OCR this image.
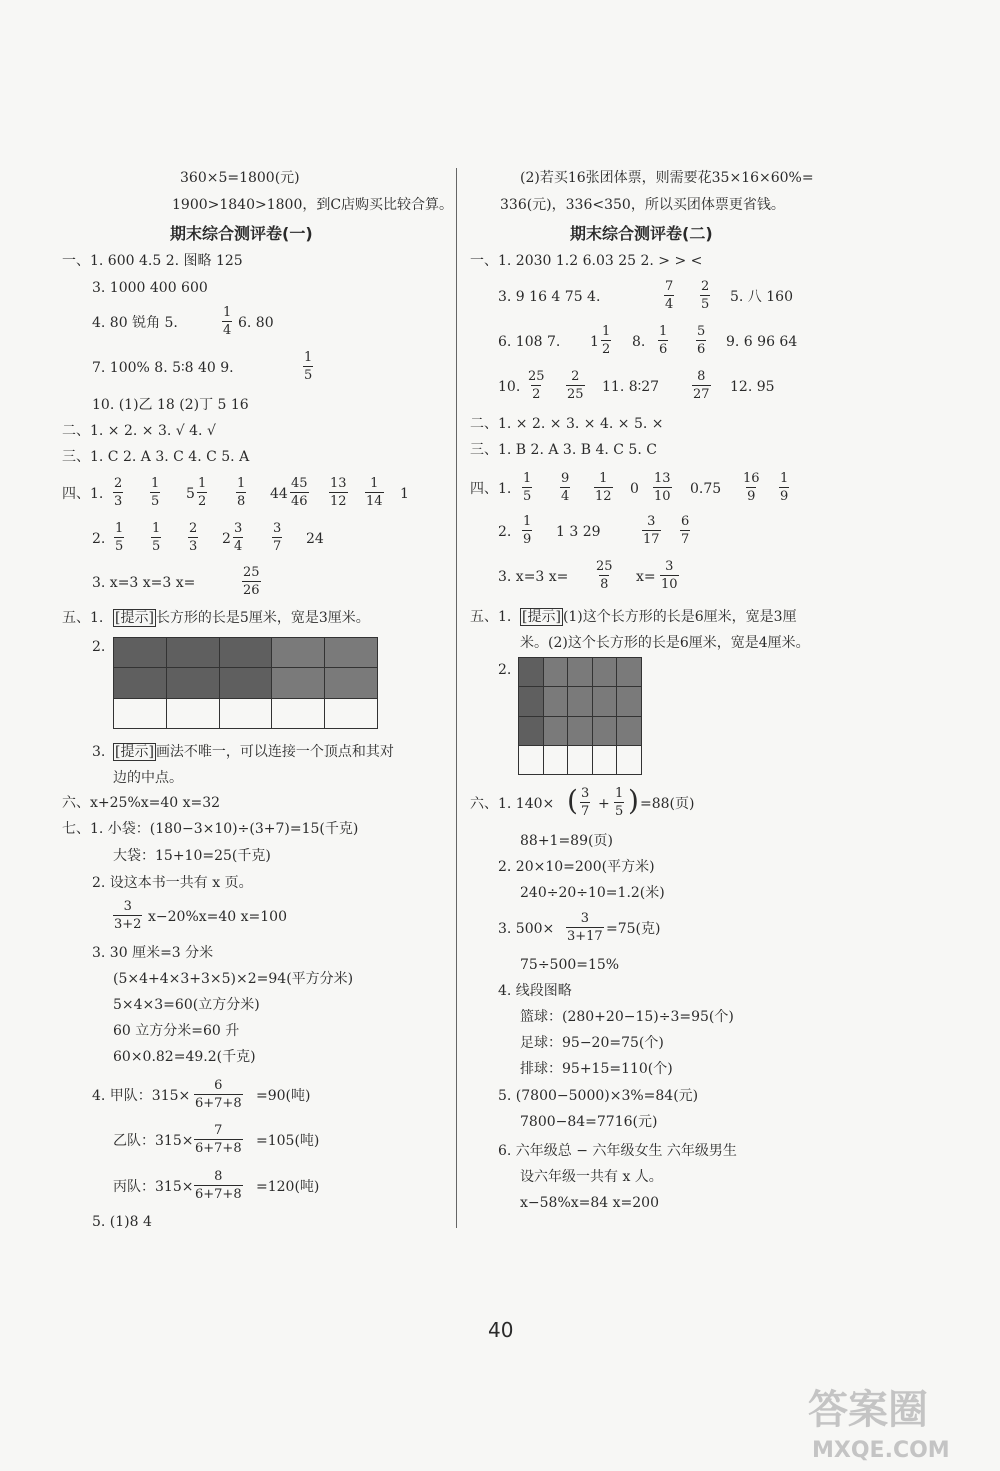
360×5=1800(元)
1900>1840>1800，到C店购买比较合算。
期末综合测评卷(一)
一、1. 600 4.5 2. 图略 125
3. 1000 400 600
4. 80 锐角 5.	$\frac{1}{4} 6$. 80
7. 100% 8. 5∶8 40 9.	$\frac{1}{5}$
10. (1)乙 18 (2)丁 5 16
二、1. × 2. × 3. √ 4. √
三、1. C 2. A 3. C 4. C 5. A
四、1. $\frac{2}{3} \frac{1}{5} 5 \frac{1}{2} \frac{1}{8} 44 \frac{45}{46} \frac{13}{12} \frac{1}{14} 1$
2. $\frac{1}{5} \frac{1}{5} \frac{2}{3} 2 \frac{3}{4} \frac{3}{7} 24$
3. x=3 x=3 x=	$\frac{25}{26}$
五、1. [提示] 长方形的长是5厘米，宽是3厘米。
2.

3. [提示] 画法不唯一，可以连接一个顶点和其对
边的中点。
六、x+25%x=40 x=32
七、1. 小袋：(180−3×10)÷(3+7)=15(千克)
大袋：15+10=25(千克)
2. 设这本书一共有 x 页。
$\frac{3}{3+2} x-20\%x=40$ x=100
3. 30 厘米=3 分米
(5×4+4×3+3×5)×2=94(平方分米)
5×4×3=60(立方分米)
60 立方分米=60 升
60×0.82=49.2(千克)
4. 甲队：$315\times \frac{6}{6+7+8} =90$(吨)
乙队：$315\times \frac{7}{6+7+8} =105$(吨)
丙队：$315\times \frac{8}{6+7+8} =120$(吨)
5. (1)8 4
(2)若买16张团体票，则需要花35×16×60%=
336(元)，336<350，所以买团体票更省钱。
期末综合测评卷(二)
一、1. 2030 1.2 6.03 25 2. > > <
3. 9 16 4 75 4.	$\frac{7}{4} \frac{2}{5} 5$. 八 160
6. 108 7. $1 \frac{1}{2} 8$. $\frac{1}{6} \frac{5}{6} 9$. 6 96 64
10. $\frac{25}{2} \frac{2}{25} 11$. 8∶27	$\frac{8}{27} 12$. 95
二、1. × 2. × 3. × 4. × 5. ×
三、1. B 2. A 3. B 4. C 5. C
四、1. $\frac{1}{5} \frac{9}{4} \frac{1}{12} 0 \frac{13}{10} 0.75 \frac{16}{9} \frac{1}{9}$
2. $\frac{1}{9} 1$ 3 29	$\frac{3}{17} \frac{6}{7}$
3. x=3 $x= \frac{25}{8} x= \frac{3}{10}$
五、1. [提示] (1)这个长方形的长是6厘米，宽是3厘
米。(2)这个长方形的长是6厘米，宽是4厘米。
2.

六、1. 140× ( $\frac{3}{7} + \frac{1}{5}$ ) =88(页)
88+1=89(页)
2. 20×10=200(平方米)
240÷20÷10=1.2(米)
3. $500\times \frac{3}{3+17} =75$(克)
75÷500=15%
4. 线段图略
篮球：(280+20−15)÷3=95(个)
足球：95−20=75(个)
排球：95+15=110(个)
5. (7800−5000)×3%=84(元)
7800−84=7716(元)
6. 六年级总 − 六年级女生 六年级男生
设六年级一共有 x 人。
x−58%x=84 x=200
40
答案圈
MXQE.COM
